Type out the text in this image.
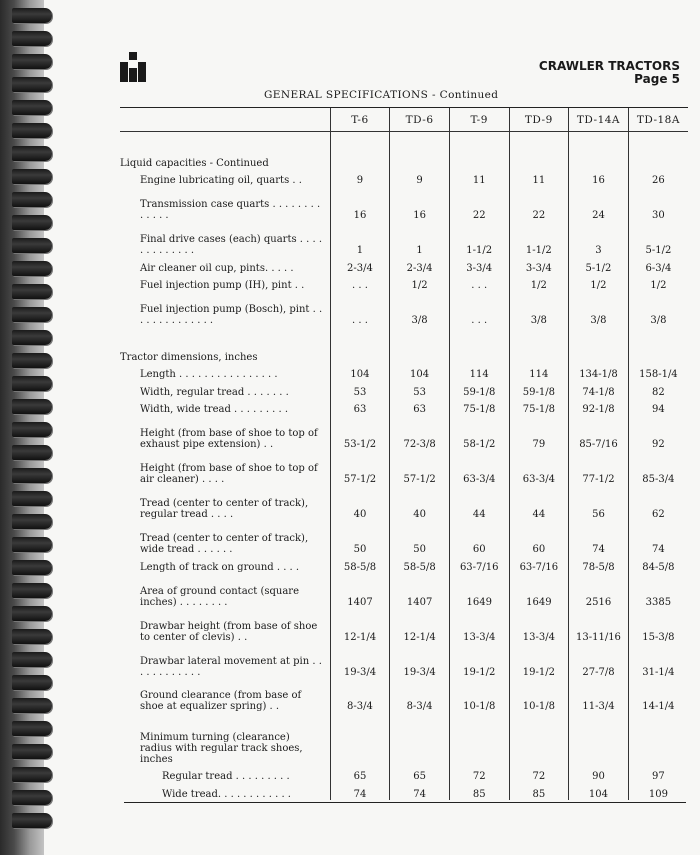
CRAWLER TRACTORS
Page 5
GENERAL SPECIFICATIONS - Continued
	T-6	TD-6	T-9	TD-9	TD-14A	TD-18A
Liquid capacities - Continued						
Engine lubricating oil, quarts . .	9	9	11	11	16	26
Transmission case quarts . . . . . . . . . . . . .	16	16	22	22	24	30
Final drive cases (each) quarts . . . . . . . . . . . . .	1	1	1-1/2	1-1/2	3	5-1/2
Air cleaner oil cup, pints. . . . .	2-3/4	2-3/4	3-3/4	3-3/4	5-1/2	6-3/4
Fuel injection pump (IH), pint . .	. . .	1/2	. . .	1/2	1/2	1/2
Fuel injection pump (Bosch), pint . . . . . . . . . . . . . .	. . .	3/8	. . .	3/8	3/8	3/8
Tractor dimensions, inches						
Length . . . . . . . . . . . . . . . .	104	104	114	114	134-1/8	158-1/4
Width, regular tread . . . . . . .	53	53	59-1/8	59-1/8	74-1/8	82
Width, wide tread . . . . . . . . .	63	63	75-1/8	75-1/8	92-1/8	94
Height (from base of shoe to top of exhaust pipe extension) . .	53-1/2	72-3/8	58-1/2	79	85-7/16	92
Height (from base of shoe to top of air cleaner) . . . .	57-1/2	57-1/2	63-3/4	63-3/4	77-1/2	85-3/4
Tread (center to center of track), regular tread . . . .	40	40	44	44	56	62
Tread (center to center of track), wide tread . . . . . .	50	50	60	60	74	74
Length of track on ground . . . .	58-5/8	58-5/8	63-7/16	63-7/16	78-5/8	84-5/8
Area of ground contact (square inches) . . . . . . . .	1407	1407	1649	1649	2516	3385
Drawbar height (from base of shoe to center of clevis) . .	12-1/4	12-1/4	13-3/4	13-3/4	13-11/16	15-3/8
Drawbar lateral movement at pin . . . . . . . . . . . .	19-3/4	19-3/4	19-1/2	19-1/2	27-7/8	31-1/4
Ground clearance (from base of shoe at equalizer spring) . .	8-3/4	8-3/4	10-1/8	10-1/8	11-3/4	14-1/4
Minimum turning (clearance) radius with regular track shoes, inches						
Regular tread . . . . . . . . .	65	65	72	72	90	97
Wide tread. . . . . . . . . . . .	74	74	85	85	104	109
